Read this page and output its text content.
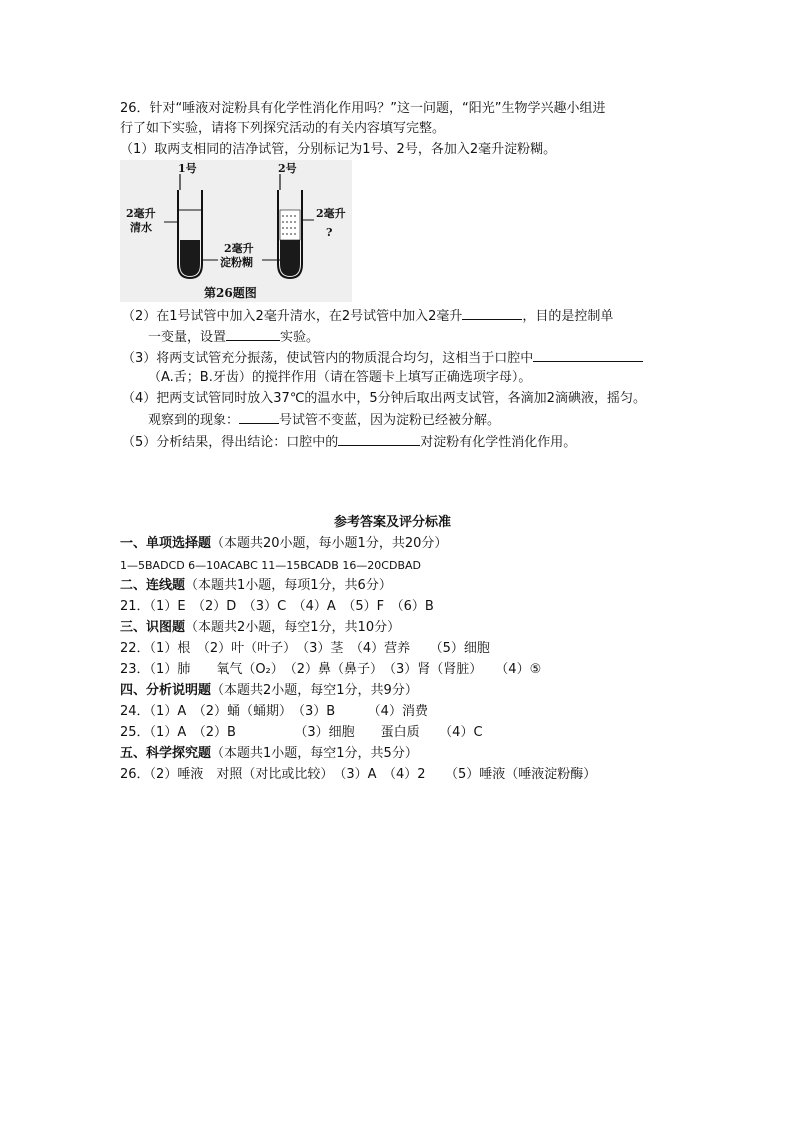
26．针对“唾液对淀粉具有化学性消化作用吗？”这一问题，“阳光”生物学兴趣小组进
行了如下实验，请将下列探究活动的有关内容填写完整。
（1）取两支相同的洁净试管，分别标记为1号、2号，各加入2毫升淀粉糊。
1号	2号
2毫升
清水
2毫升
?
2毫升
淀粉糊
第26题图
（2）在1号试管中加入2毫升清水，在2号试管中加入2毫升	，目的是控制单
一变量，设置	实验。
（3）将两支试管充分振荡，使试管内的物质混合均匀，这相当于口腔中
（A.舌；B.牙齿）的搅拌作用（请在答题卡上填写正确选项字母）。
（4）把两支试管同时放入37℃的温水中，5分钟后取出两支试管，各滴加2滴碘液，摇匀。
观察到的现象：	号试管不变蓝，因为淀粉已经被分解。
（5）分析结果，得出结论：口腔中的	对淀粉有化学性消化作用。
参考答案及评分标准
一、单项选择题（本题共20小题，每小题1分，共20分）
1—5BADCD 6—10ACABC 11—15BCADB 16—20CDBAD
二、连线题（本题共1小题，每项1分，共6分）
21．（1）E　（2）D　（3）C　（4）A　（5）F　（6）B
三、识图题（本题共2小题，每空1分，共10分）
22．（1）根　（2）叶（叶子）　（3）茎　（4）营养　　（5）细胞
23．（1）肺　　氧气（O₂）　（2）鼻（鼻子）　（3）肾（肾脏）　　（4）⑤
四、分析说明题（本题共2小题，每空1分，共9分）
24．（1）A　（2）蛹（蛹期）　（3）B　　　（4）消费
25．（1）A　（2）B　　　　　（3）细胞　　蛋白质　　（4）C
五、科学探究题（本题共1小题，每空1分，共5分）
26．（2）唾液　对照（对比或比较）　（3）A　（4）2　　（5）唾液（唾液淀粉酶）
